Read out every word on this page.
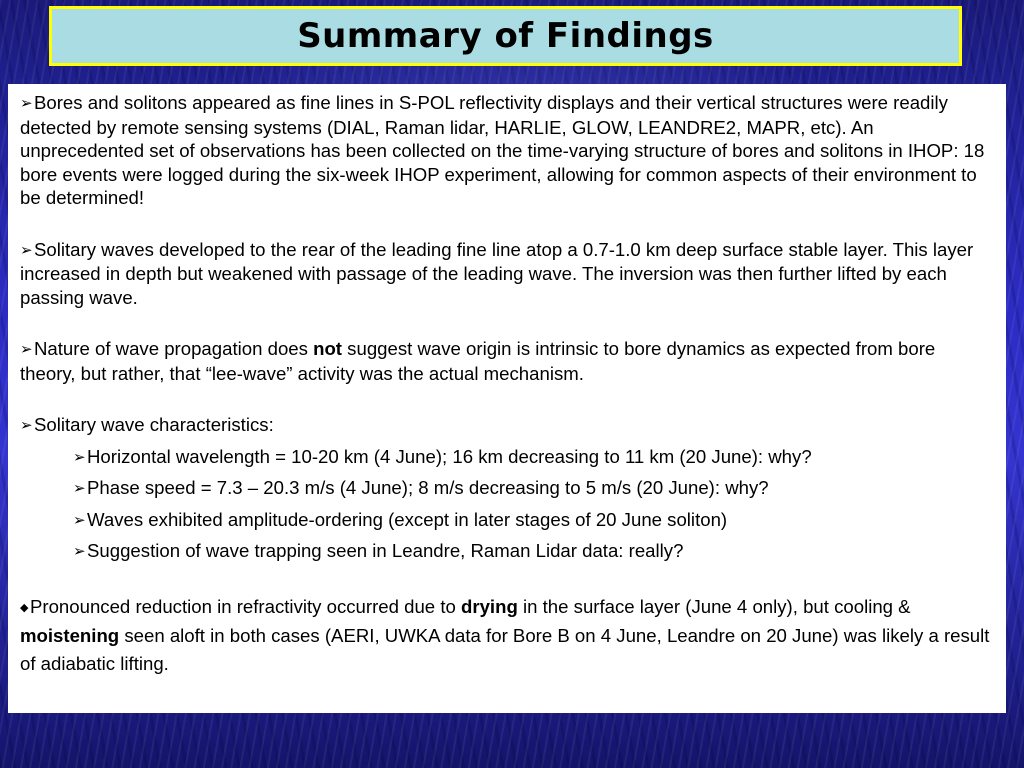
Summary of Findings

➢Bores and solitons appeared as fine lines in S-POL reflectivity displays and their vertical structures were readily detected by remote sensing systems (DIAL, Raman lidar, HARLIE, GLOW, LEANDRE2, MAPR, etc). An unprecedented set of observations has been collected on the time-varying structure of bores and solitons in IHOP: 18 bore events were logged during the six-week IHOP experiment, allowing for common aspects of their environment to be determined!

➢Solitary waves developed to the rear of the leading fine line atop a 0.7-1.0 km deep surface stable layer. This layer increased in depth but weakened with passage of the leading wave. The inversion was then further lifted by each passing wave.

➢Nature of wave propagation does not suggest wave origin is intrinsic to bore dynamics as expected from bore theory, but rather, that “lee-wave” activity was the actual mechanism.

➢Solitary wave characteristics:

➢Horizontal wavelength = 10-20 km (4 June); 16 km decreasing to 11 km (20 June): why?

➢Phase speed = 7.3 – 20.3 m/s (4 June); 8 m/s decreasing to 5 m/s (20 June): why?

➢Waves exhibited amplitude-ordering (except in later stages of 20 June soliton)

➢Suggestion of wave trapping seen in Leandre, Raman Lidar data: really?

◆Pronounced reduction in refractivity occurred due to drying in the surface layer (June 4 only), but cooling & moistening seen aloft in both cases (AERI, UWKA data for Bore B on 4 June, Leandre on 20 June) was likely a result of adiabatic lifting.
